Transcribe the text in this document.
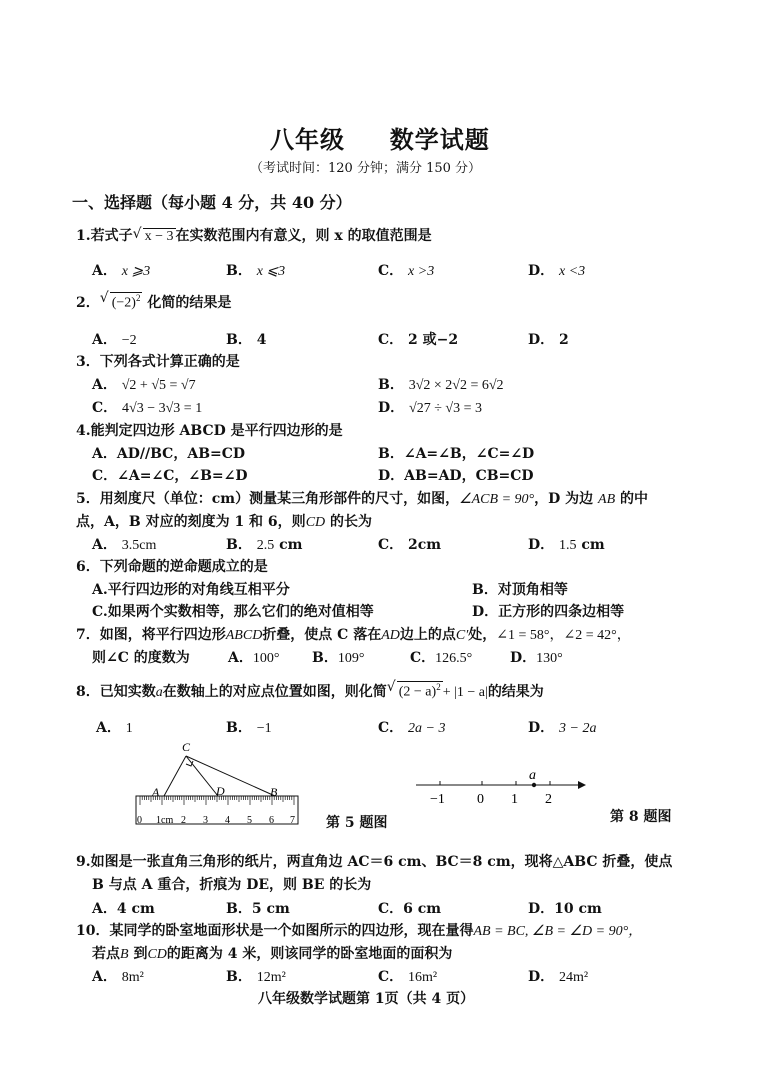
八年级 数学试题
（考试时间：120 分钟；满分 150 分）
一、选择题（每小题 4 分，共 40 分）
1.若式子 √ x − 3 在实数范围内有意义，则 x 的取值范围是
A． x ⩾3	B． x ⩽3	C． x >3	D． x <3
2． √ $(-2)^2$ 化简的结果是
A． −2	B． 4	C． 2 或−2	D． 2
3．下列各式计算正确的是
A． √2 + √5 = √7	B． 3√2 × 2√2 = 6√2
C． 4√3 − 3√3 = 1	D． √27 ÷ √3 = 3
4.能判定四边形 ABCD 是平行四边形的是
A．AD//BC，AB=CD	B．∠A=∠B，∠C=∠D
C．∠A=∠C，∠B=∠D	D．AB=AD，CB=CD
5．用刻度尺（单位：cm）测量某三角形部件的尺寸，如图，∠ACB = 90°，D 为边 AB 的中
点，A，B 对应的刻度为 1 和 6，则CD 的长为
A． 3.5cm	B． 2.5 cm	C． 2cm	D． 1.5 cm
6．下列命题的逆命题成立的是
A.平行四边形的对角线互相平分	B．对顶角相等
C.如果两个实数相等，那么它们的绝对值相等	D．正方形的四条边相等
7．如图，将平行四边形ABCD折叠，使点 C 落在AD边上的点C′处，∠1 = 58°，∠2 = 42°，
则∠C 的度数为	A．100° B．109°	C．126.5°	D．130°
8．已知实数a在数轴上的对应点位置如图，则化简 √ $(2 - a)^2 + |1 - a|$的结果为
A． 1	B． −1	C． 2a − 3	D． 3 − 2a
C
A	D	B
0 1cm 2 3 4 5 6 7 第 5 题图
a
−1 0 1 2
第 8 题图
9.如图是一张直角三角形的纸片，两直角边 AC＝6 cm、BC＝8 cm，现将△ABC 折叠，使点
B 与点 A 重合，折痕为 DE，则 BE 的长为
A．4 cm	B．5 cm	C．6 cm	D．10 cm
10．某同学的卧室地面形状是一个如图所示的四边形，现在量得AB = BC, ∠B = ∠D = 90°，
若点B 到CD的距离为 4 米，则该同学的卧室地面的面积为
A． 8m²	B． 12m²	C． 16m²	D． 24m²
八年级数学试题第 1页（共 4 页）
